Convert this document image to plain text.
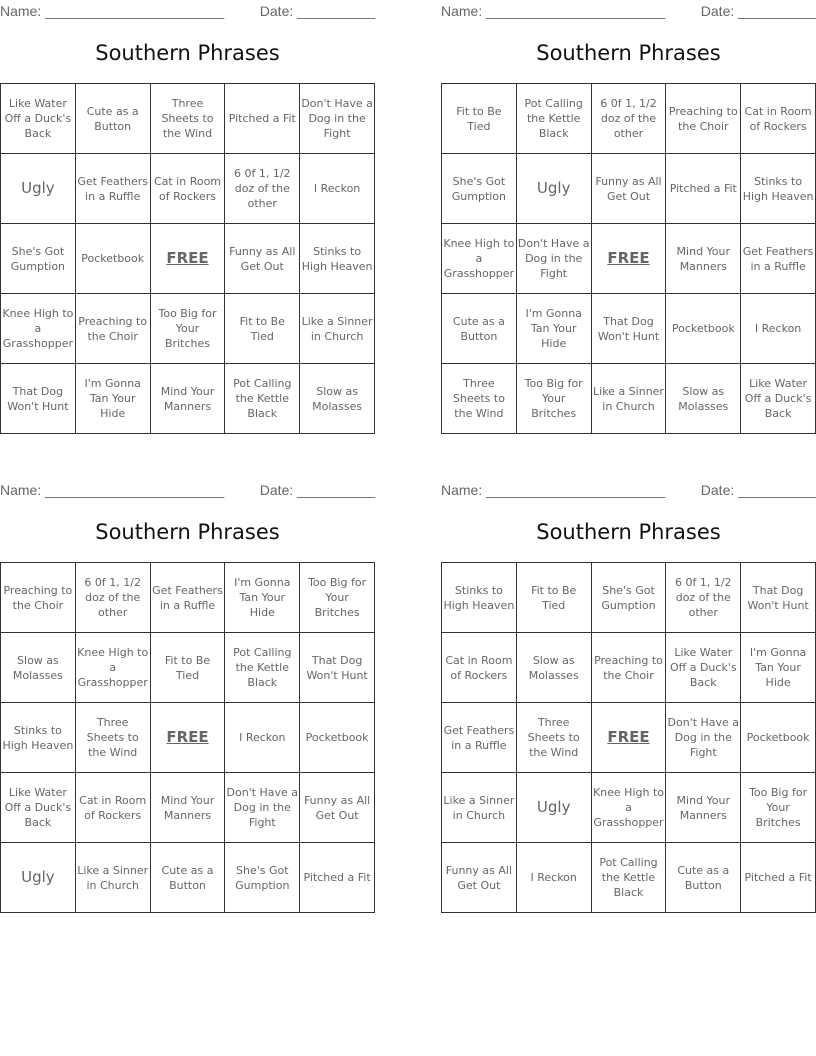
Name: _______________________	Date: __________
Southern Phrases
Like Water Off a Duck's Back	Cute as a Button	Three Sheets to the Wind	Pitched a Fit	Don't Have a Dog in the Fight
Ugly	Get Feathers in a Ruffle	Cat in Room of Rockers	6 0f 1, 1/2 doz of the other	I Reckon
She's Got Gumption	Pocketbook	FREE	Funny as All Get Out	Stinks to High Heaven
Knee High to a Grasshopper	Preaching to the Choir	Too Big for Your Britches	Fit to Be Tied	Like a Sinner in Church
That Dog Won't Hunt	I'm Gonna Tan Your Hide	Mind Your Manners	Pot Calling the Kettle Black	Slow as Molasses
Name: _______________________	Date: __________
Southern Phrases
Fit to Be Tied	Pot Calling the Kettle Black	6 0f 1, 1/2 doz of the other	Preaching to the Choir	Cat in Room of Rockers
She's Got Gumption	Ugly	Funny as All Get Out	Pitched a Fit	Stinks to High Heaven
Knee High to a Grasshopper	Don't Have a Dog in the Fight	FREE	Mind Your Manners	Get Feathers in a Ruffle
Cute as a Button	I'm Gonna Tan Your Hide	That Dog Won't Hunt	Pocketbook	I Reckon
Three Sheets to the Wind	Too Big for Your Britches	Like a Sinner in Church	Slow as Molasses	Like Water Off a Duck's Back
Name: _______________________	Date: __________
Southern Phrases
Preaching to the Choir	6 0f 1, 1/2 doz of the other	Get Feathers in a Ruffle	I'm Gonna Tan Your Hide	Too Big for Your Britches
Slow as Molasses	Knee High to a Grasshopper	Fit to Be Tied	Pot Calling the Kettle Black	That Dog Won't Hunt
Stinks to High Heaven	Three Sheets to the Wind	FREE	I Reckon	Pocketbook
Like Water Off a Duck's Back	Cat in Room of Rockers	Mind Your Manners	Don't Have a Dog in the Fight	Funny as All Get Out
Ugly	Like a Sinner in Church	Cute as a Button	She's Got Gumption	Pitched a Fit
Name: _______________________	Date: __________
Southern Phrases
Stinks to High Heaven	Fit to Be Tied	She's Got Gumption	6 0f 1, 1/2 doz of the other	That Dog Won't Hunt
Cat in Room of Rockers	Slow as Molasses	Preaching to the Choir	Like Water Off a Duck's Back	I'm Gonna Tan Your Hide
Get Feathers in a Ruffle	Three Sheets to the Wind	FREE	Don't Have a Dog in the Fight	Pocketbook
Like a Sinner in Church	Ugly	Knee High to a Grasshopper	Mind Your Manners	Too Big for Your Britches
Funny as All Get Out	I Reckon	Pot Calling the Kettle Black	Cute as a Button	Pitched a Fit
